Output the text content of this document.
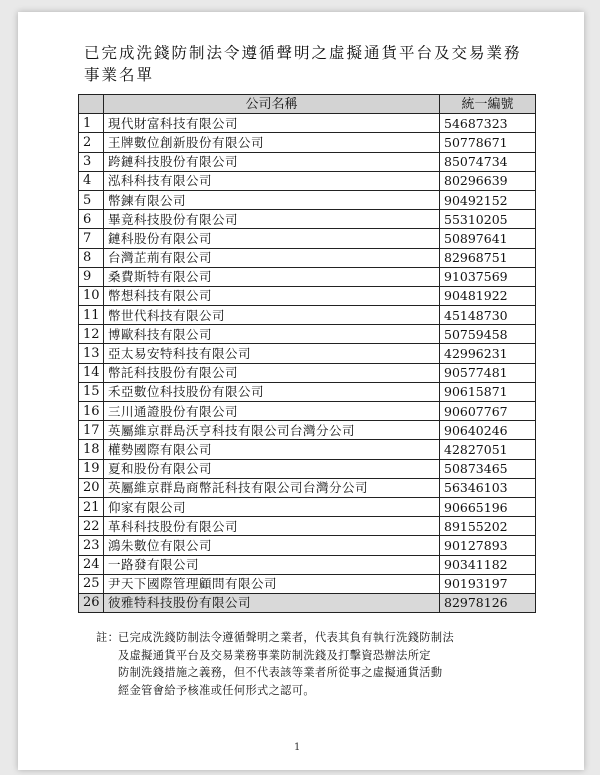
已完成洗錢防制法令遵循聲明之虛擬通貨平台及交易業務事業名單
	公司名稱	統一編號
1	現代財富科技有限公司	54687323
2	王牌數位創新股份有限公司	50778671
3	跨鏈科技股份有限公司	85074734
4	泓科科技有限公司	80296639
5	幣鍊有限公司	90492152
6	畢竟科技股份有限公司	55310205
7	鏈科股份有限公司	50897641
8	台灣芷荊有限公司	82968751
9	桑費斯特有限公司	91037569
10	幣想科技有限公司	90481922
11	幣世代科技有限公司	45148730
12	博歐科技有限公司	50759458
13	亞太易安特科技有限公司	42996231
14	幣託科技股份有限公司	90577481
15	禾亞數位科技股份有限公司	90615871
16	三川通證股份有限公司	90607767
17	英屬維京群島沃亨科技有限公司台灣分公司	90640246
18	權勢國際有限公司	42827051
19	夏和股份有限公司	50873465
20	英屬維京群島商幣託科技有限公司台灣分公司	56346103
21	仰家有限公司	90665196
22	革科科技股份有限公司	89155202
23	鴻朱數位有限公司	90127893
24	一路發有限公司	90341182
25	尹天下國際管理顧問有限公司	90193197
26	彼雅特科技股份有限公司	82978126
註：
已完成洗錢防制法令遵循聲明之業者，代表其負有執行洗錢防制法
及虛擬通貨平台及交易業務事業防制洗錢及打擊資恐辦法所定
防制洗錢措施之義務，但不代表該等業者所從事之虛擬通貨活動
經金管會給予核准或任何形式之認可。
1
